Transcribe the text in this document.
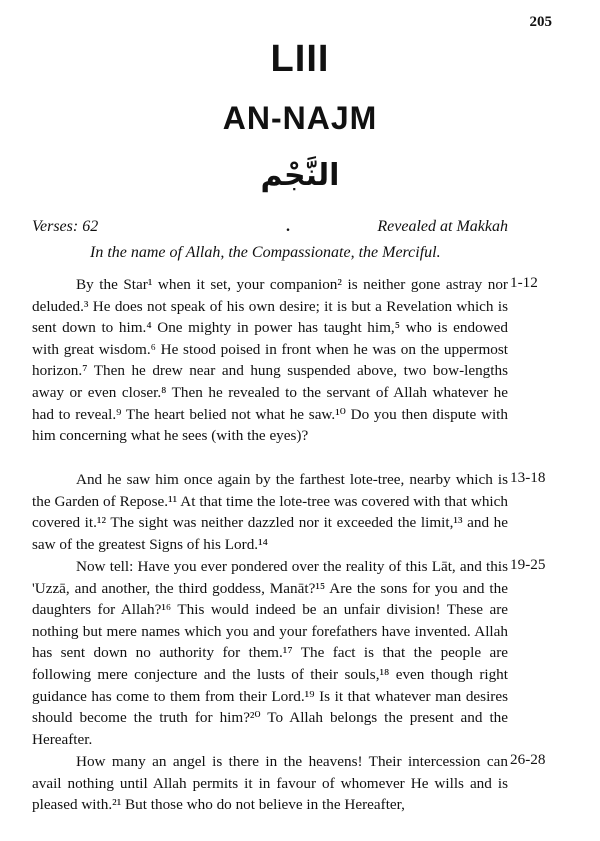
205
LIII
AN-NAJM
النَّجْم
Verses: 62	.	Revealed at Makkah
In the name of Allah, the Compassionate, the Merciful.
By the Star¹ when it set, your companion² is neither gone astray nor deluded.³ He does not speak of his own desire; it is but a Revelation which is sent down to him.⁴ One mighty in power has taught him,⁵ who is endowed with great wisdom.⁶ He stood poised in front when he was on the uppermost horizon.⁷ Then he drew near and hung suspended above, two bow-lengths away or even closer.⁸ Then he revealed to the servant of Allah whatever he had to reveal.⁹ The heart belied not what he saw.¹⁰ Do you then dispute with him concerning what he sees (with the eyes)?
1-12
And he saw him once again by the farthest lote-tree, nearby which is the Garden of Repose.¹¹ At that time the lote-tree was covered with that which covered it.¹² The sight was neither dazzled nor it exceeded the limit,¹³ and he saw of the greatest Signs of his Lord.¹⁴
13-18
Now tell: Have you ever pondered over the reality of this Lāt, and this 'Uzzā, and another, the third goddess, Manāt?¹⁵ Are the sons for you and the daughters for Allah?¹⁶ This would indeed be an unfair division! These are nothing but mere names which you and your forefathers have invented. Allah has sent down no authority for them.¹⁷ The fact is that the people are following mere conjecture and the lusts of their souls,¹⁸ even though right guidance has come to them from their Lord.¹⁹ Is it that whatever man desires should become the truth for him?²⁰ To Allah belongs the present and the Hereafter.
19-25
How many an angel is there in the heavens! Their intercession can avail nothing until Allah permits it in favour of whomever He wills and is pleased with.²¹ But those who do not believe in the Hereafter,
26-28
